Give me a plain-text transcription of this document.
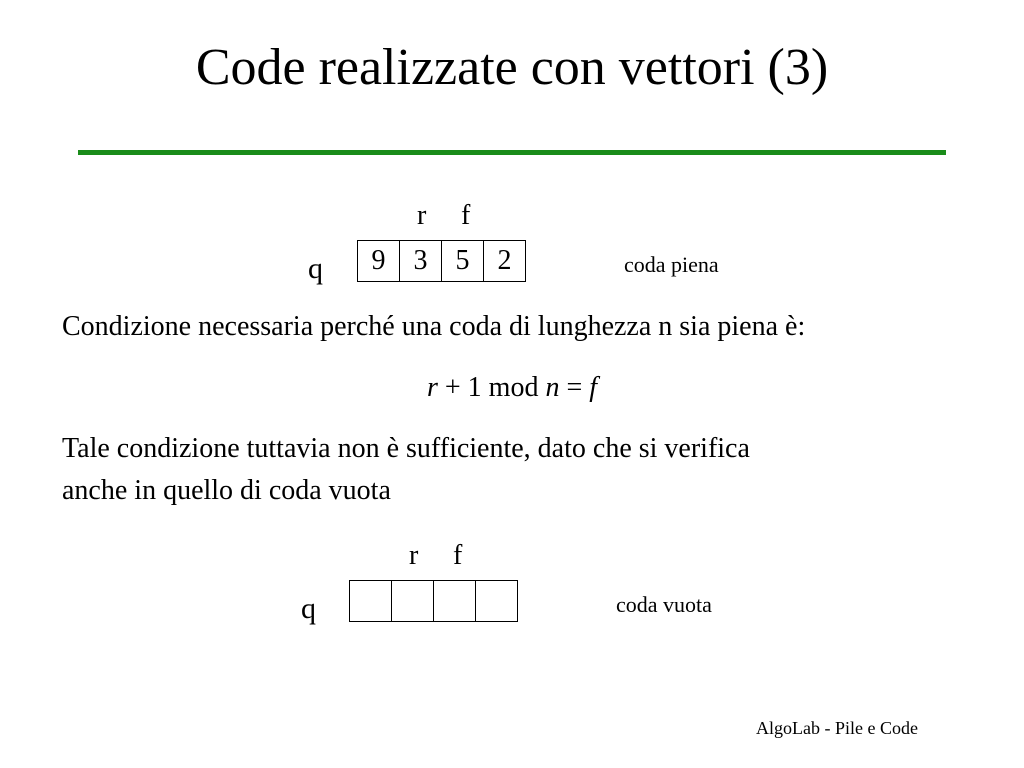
Code realizzate con vettori (3)
r f
q	9	3	5	2	coda piena
Condizione necessaria perché una coda di lunghezza n sia piena è:
r + 1 mod n = f
Tale condizione tuttavia non è sufficiente, dato che si verifica
anche in quello di coda vuota
r f
q	coda vuota
AlgoLab - Pile e Code
